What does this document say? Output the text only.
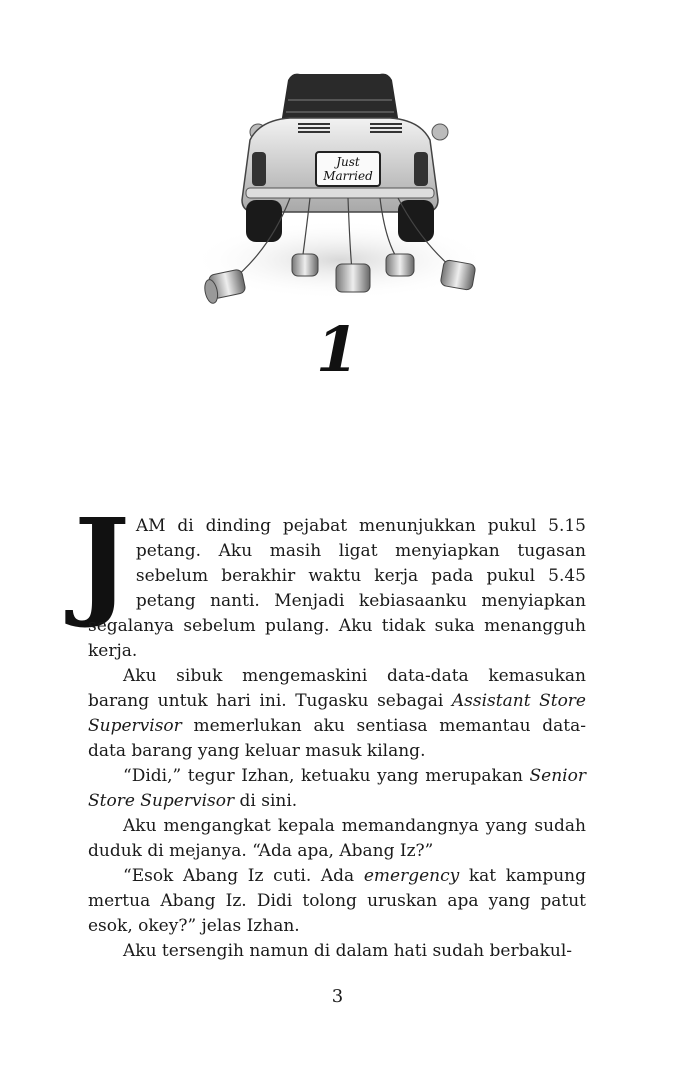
Just
Married
1

JAM di dinding pejabat menunjukkan pukul 5.15 petang. Aku masih ligat menyiapkan tugasan sebelum berakhir waktu kerja pada pukul 5.45 petang nanti. Menjadi kebiasaanku menyiapkan segalanya sebelum pulang. Aku tidak suka menangguh kerja.

Aku sibuk mengemaskini data-data kemasukan barang untuk hari ini. Tugasku sebagai Assistant Store Supervisor memerlukan aku sentiasa memantau data-data barang yang keluar masuk kilang.

“Didi,” tegur Izhan, ketuaku yang merupakan Senior Store Supervisor di sini.

Aku mengangkat kepala memandangnya yang sudah duduk di mejanya. “Ada apa, Abang Iz?”

“Esok Abang Iz cuti. Ada emergency kat kampung mertua Abang Iz. Didi tolong uruskan apa yang patut esok, okey?” jelas Izhan.

Aku tersengih namun di dalam hati sudah berbakul-

3
